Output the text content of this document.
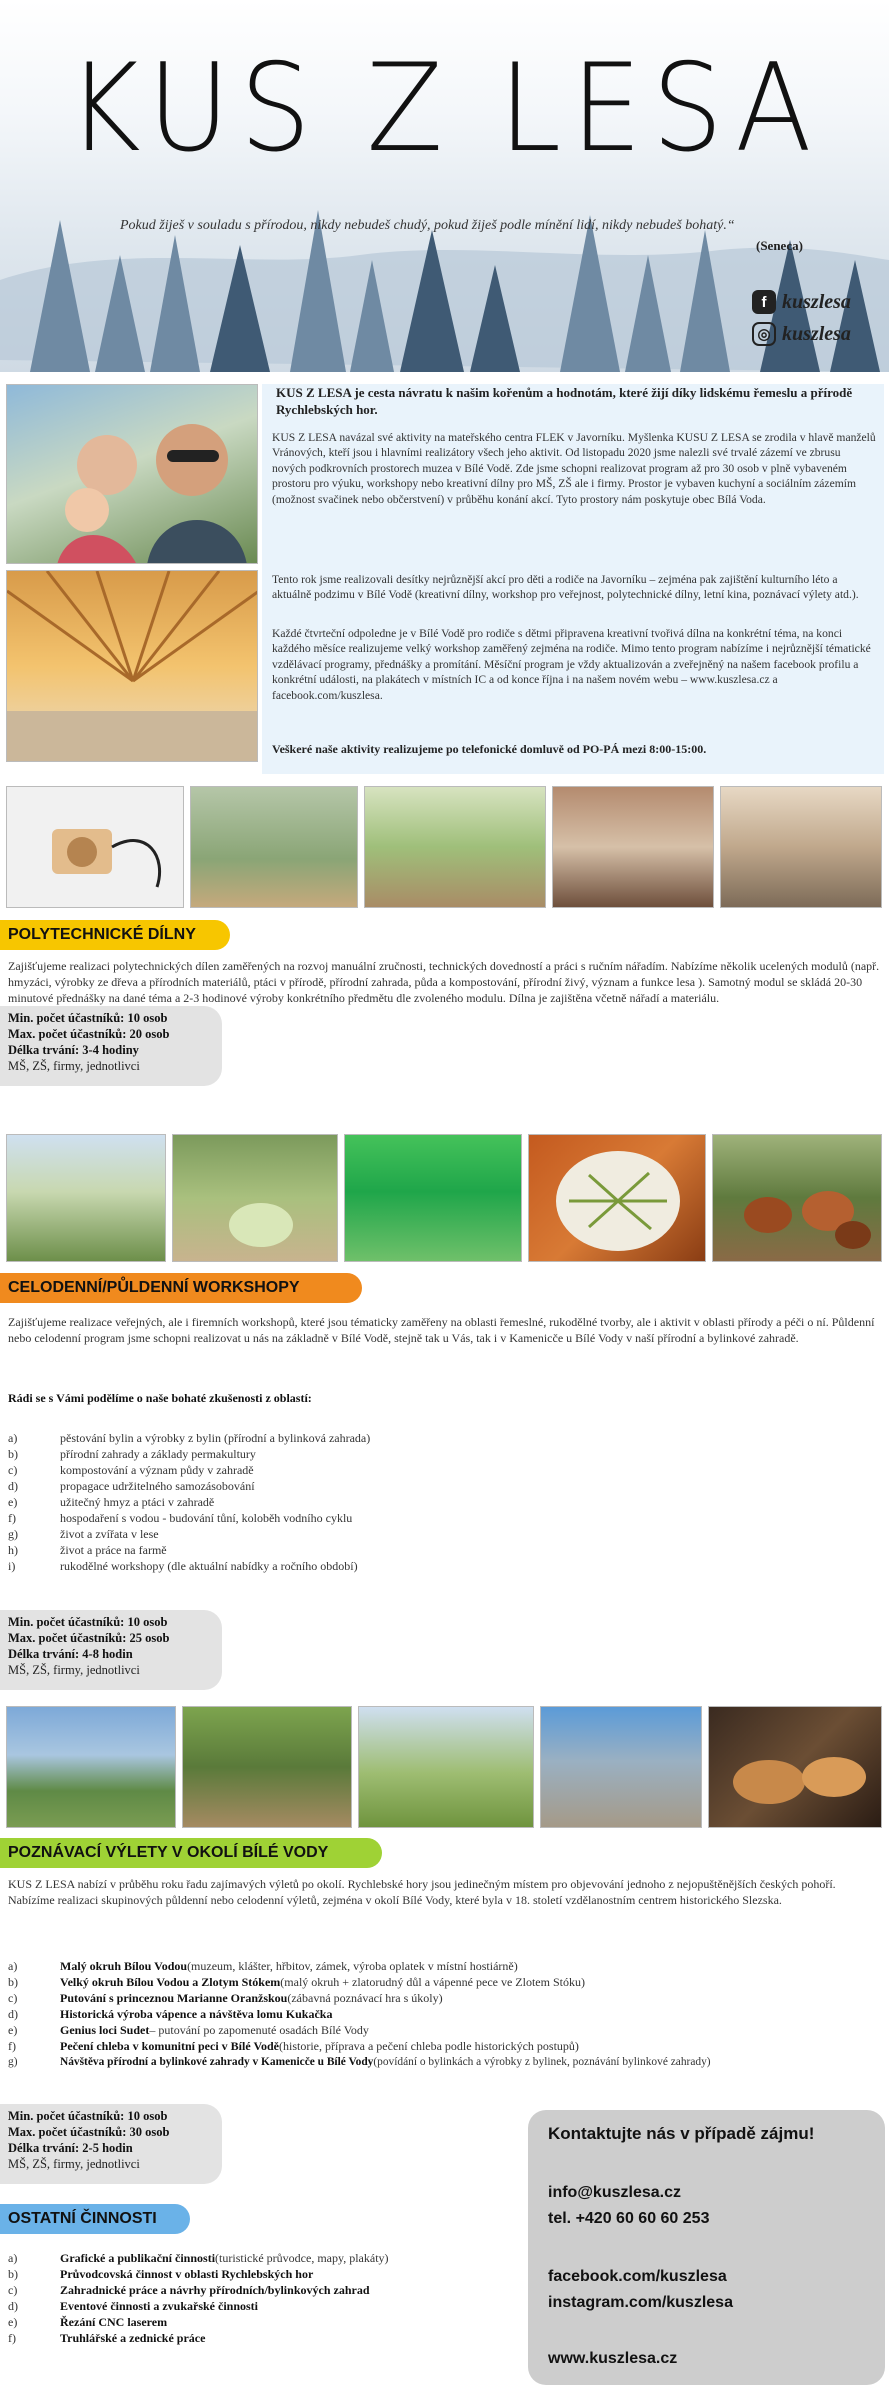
KUS Z LESA
Pokud žiješ v souladu s přírodou, nikdy nebudeš chudý, pokud žiješ podle mínění lidí, nikdy nebudeš bohatý.“
(Seneca)
f kuszlesa
◎ kuszlesa
KUS Z LESA je cesta návratu k našim kořenům a hodnotám, které žijí díky lidskému řemeslu a přírodě Rychlebských hor.
KUS Z LESA navázal své aktivity na mateřského centra FLEK v Javorníku. Myšlenka KUSU Z LESA se zrodila v hlavě manželů Vránových, kteří jsou i hlavními realizátory všech jeho aktivit. Od listopadu 2020 jsme nalezli své trvalé zázemí ve zbrusu nových podkrovních prostorech muzea v Bílé Vodě. Zde jsme schopni realizovat program až pro 30 osob v plně vybaveném prostoru pro výuku, workshopy nebo kreativní dílny pro MŠ, ZŠ ale i firmy. Prostor je vybaven kuchyní a sociálním zázemím (možnost svačinek nebo občerstvení) v průběhu konání akcí. Tyto prostory nám poskytuje obec Bílá Voda.
Tento rok jsme realizovali desítky nejrůznější akcí pro děti a rodiče na Javorníku – zejména pak zajištění kulturního léto a aktuálně podzimu v Bílé Vodě (kreativní dílny, workshop pro veřejnost, polytechnické dílny, letní kina, poznávací výlety atd.).
Každé čtvrteční odpoledne je v Bílé Vodě pro rodiče s dětmi připravena kreativní tvořivá dílna na konkrétní téma, na konci každého měsíce realizujeme velký workshop zaměřený zejména na rodiče. Mimo tento program nabízíme i nejrůznější tématické vzdělávací programy, přednášky a promítání. Měsíční program je vždy aktualizován a zveřejněný na našem facebook profilu a konkrétní události, na plakátech v místních IC a od konce října i na našem novém webu – www.kuszlesa.cz a facebook.com/kuszlesa.
Veškeré naše aktivity realizujeme po telefonické domluvě od PO-PÁ mezi 8:00-15:00.
POLYTECHNICKÉ DÍLNY
Zajišťujeme realizaci polytechnických dílen zaměřených na rozvoj manuální zručnosti, technických dovedností a práci s ručním nářadím. Nabízíme několik ucelených modulů (např. hmyzáci, výrobky ze dřeva a přírodních materiálů, ptáci v přírodě, přírodní zahrada, půda a kompostování, přírodní živý, význam a funkce lesa ). Samotný modul se skládá 20-30 minutové přednášky na dané téma a 2-3 hodinové výroby konkrétního předmětu dle zvoleného modulu. Dílna je zajištěna včetně nářadí a materiálu.
Min. počet účastníků: 10 osob
Max. počet účastníků: 20 osob
Délka trvání: 3-4 hodiny
MŠ, ZŠ, firmy, jednotlivci
CELODENNÍ/PŮLDENNÍ WORKSHOPY
Zajišťujeme realizace veřejných, ale i firemních workshopů, které jsou tématicky zaměřeny na oblasti řemeslné, rukodělné tvorby, ale i aktivit v oblasti přírody a péči o ní. Půldenní nebo celodenní program jsme schopni realizovat u nás na základně v Bílé Vodě, stejně tak u Vás, tak i v Kamenicče u Bílé Vody v naší přírodní a bylinkové zahradě.
Rádi se s Vámi podělíme o naše bohaté zkušenosti z oblastí:
a)	pěstování bylin a výrobky z bylin (přírodní a bylinková zahrada)
b)	přírodní zahrady a základy permakultury
c)	kompostování a význam půdy v zahradě
d)	propagace udržitelného samozásobování
e)	užitečný hmyz a ptáci v zahradě
f)	hospodaření s vodou - budování tůní, koloběh vodního cyklu
g)	život a zvířata v lese
h)	život a práce na farmě
i)	rukodělné workshopy (dle aktuální nabídky a ročního období)
Min. počet účastníků: 10 osob
Max. počet účastníků: 25 osob
Délka trvání: 4-8 hodin
MŠ, ZŠ, firmy, jednotlivci
POZNÁVACÍ VÝLETY V OKOLÍ BÍLÉ VODY
KUS Z LESA nabízí v průběhu roku řadu zajímavých výletů po okolí. Rychlebské hory jsou jedinečným místem pro objevování jednoho z nejopuštěnějších českých pohoří. Nabízíme realizaci skupinových půldenní nebo celodenní výletů, zejména v okolí Bílé Vody, které byla v 18. století vzdělanostním centrem historického Slezska.
a)	Malý okruh Bílou Vodou (muzeum, klášter, hřbitov, zámek, výroba oplatek v místní hostiárně)
b)	Velký okruh Bílou Vodou a Zlotym Stókem (malý okruh + zlatorudný důl a vápenné pece ve Zlotem Stóku)
c)	Putování s princeznou Marianne Oranžskou (zábavná poznávací hra s úkoly)
d)	Historická výroba vápence a návštěva lomu Kukačka
e)	Genius loci Sudet – putování po zapomenuté osadách Bílé Vody
f)	Pečení chleba v komunitní peci v Bílé Vodě (historie, příprava a pečení chleba podle historických postupů)
g)	Návštěva přírodní a bylinkové zahrady v Kamenicče u Bílé Vody (povídání o bylinkách a výrobky z bylinek, poznávání bylinkové zahrady)
Min. počet účastníků: 10 osob
Max. počet účastníků: 30 osob
Délka trvání: 2-5 hodin
MŠ, ZŠ, firmy, jednotlivci
OSTATNÍ ČINNOSTI
a)	Grafické a publikační činnosti (turistické průvodce, mapy, plakáty)
b)	Průvodcovská činnost v oblasti Rychlebských hor
c)	Zahradnické práce a návrhy přírodních/bylinkových zahrad
d)	Eventové činnosti a zvukařské činnosti
e)	Řezání CNC laserem
f)	Truhlářské a zednické práce
Kontaktujte nás v případě zájmu!
info@kuszlesa.cz
tel. +420 60 60 60 253
facebook.com/kuszlesa
instagram.com/kuszlesa
www.kuszlesa.cz
